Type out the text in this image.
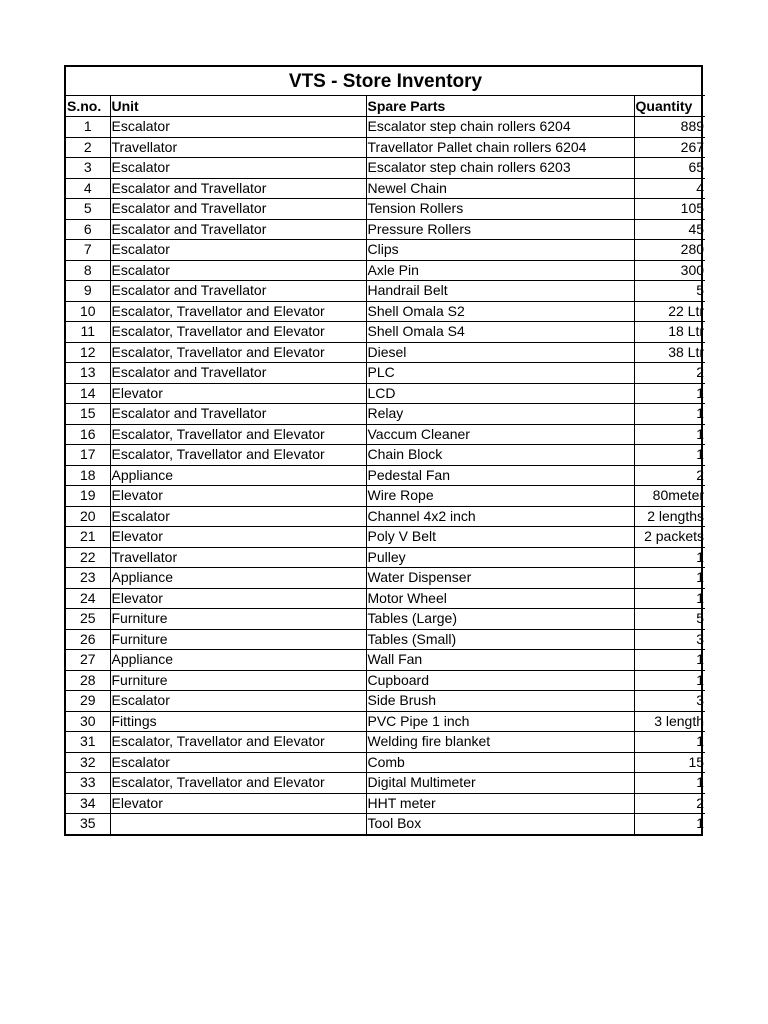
VTS - Store Inventory			
S.no.	Unit	Spare Parts	Quantity
1	Escalator	Escalator step chain rollers 6204	889
2	Travellator	Travellator Pallet chain rollers 6204	267
3	Escalator	Escalator step chain rollers 6203	65
4	Escalator and Travellator	Newel Chain	4
5	Escalator and Travellator	Tension Rollers	105
6	Escalator and Travellator	Pressure Rollers	45
7	Escalator	Clips	280
8	Escalator	Axle Pin	300
9	Escalator and Travellator	Handrail Belt	5
10	Escalator, Travellator and Elevator	Shell Omala S2	22 Ltr
11	Escalator, Travellator and Elevator	Shell Omala S4	18 Ltr
12	Escalator, Travellator and Elevator	Diesel	38 Ltr
13	Escalator and Travellator	PLC	2
14	Elevator	LCD	1
15	Escalator and Travellator	Relay	1
16	Escalator, Travellator and Elevator	Vaccum Cleaner	1
17	Escalator, Travellator and Elevator	Chain Block	1
18	Appliance	Pedestal Fan	2
19	Elevator	Wire Rope	80meter
20	Escalator	Channel 4x2 inch	2 lengths
21	Elevator	Poly V Belt	2 packets
22	Travellator	Pulley	1
23	Appliance	Water Dispenser	1
24	Elevator	Motor Wheel	1
25	Furniture	Tables (Large)	5
26	Furniture	Tables (Small)	3
27	Appliance	Wall Fan	1
28	Furniture	Cupboard	1
29	Escalator	Side Brush	3
30	Fittings	PVC Pipe 1 inch	3 length
31	Escalator, Travellator and Elevator	Welding fire blanket	1
32	Escalator	Comb	15
33	Escalator, Travellator and Elevator	Digital Multimeter	1
34	Elevator	HHT meter	2
35		Tool Box	1
